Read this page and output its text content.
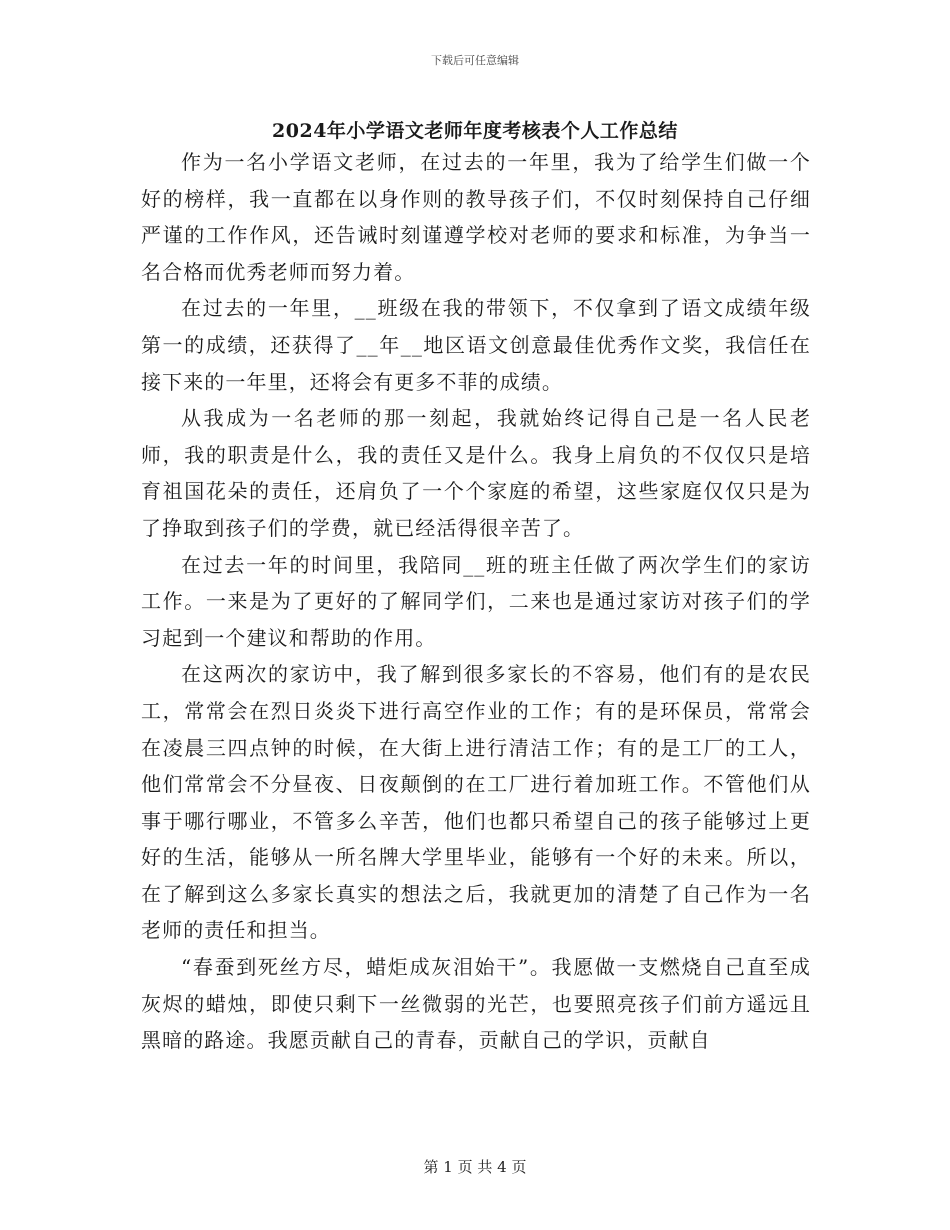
下载后可任意编辑
2024年小学语文老师年度考核表个人工作总结

作为一名小学语文老师，在过去的一年里，我为了给学生们做一个好的榜样，我一直都在以身作则的教导孩子们，不仅时刻保持自己仔细严谨的工作作风，还告诫时刻谨遵学校对老师的要求和标准，为争当一名合格而优秀老师而努力着。

在过去的一年里，__班级在我的带领下，不仅拿到了语文成绩年级第一的成绩，还获得了__年__地区语文创意最佳优秀作文奖，我信任在接下来的一年里，还将会有更多不菲的成绩。

从我成为一名老师的那一刻起，我就始终记得自己是一名人民老师，我的职责是什么，我的责任又是什么。我身上肩负的不仅仅只是培育祖国花朵的责任，还肩负了一个个家庭的希望，这些家庭仅仅只是为了挣取到孩子们的学费，就已经活得很辛苦了。

在过去一年的时间里，我陪同__班的班主任做了两次学生们的家访工作。一来是为了更好的了解同学们，二来也是通过家访对孩子们的学习起到一个建议和帮助的作用。

在这两次的家访中，我了解到很多家长的不容易，他们有的是农民工，常常会在烈日炎炎下进行高空作业的工作；有的是环保员，常常会在凌晨三四点钟的时候，在大街上进行清洁工作；有的是工厂的工人，他们常常会不分昼夜、日夜颠倒的在工厂进行着加班工作。不管他们从事于哪行哪业，不管多么辛苦，他们也都只希望自己的孩子能够过上更好的生活，能够从一所名牌大学里毕业，能够有一个好的未来。所以，在了解到这么多家长真实的想法之后，我就更加的清楚了自己作为一名老师的责任和担当。

“春蚕到死丝方尽，蜡炬成灰泪始干”。我愿做一支燃烧自己直至成灰烬的蜡烛，即使只剩下一丝微弱的光芒，也要照亮孩子们前方遥远且黑暗的路途。我愿贡献自己的青春，贡献自己的学识，贡献自

第 1 页 共 4 页
